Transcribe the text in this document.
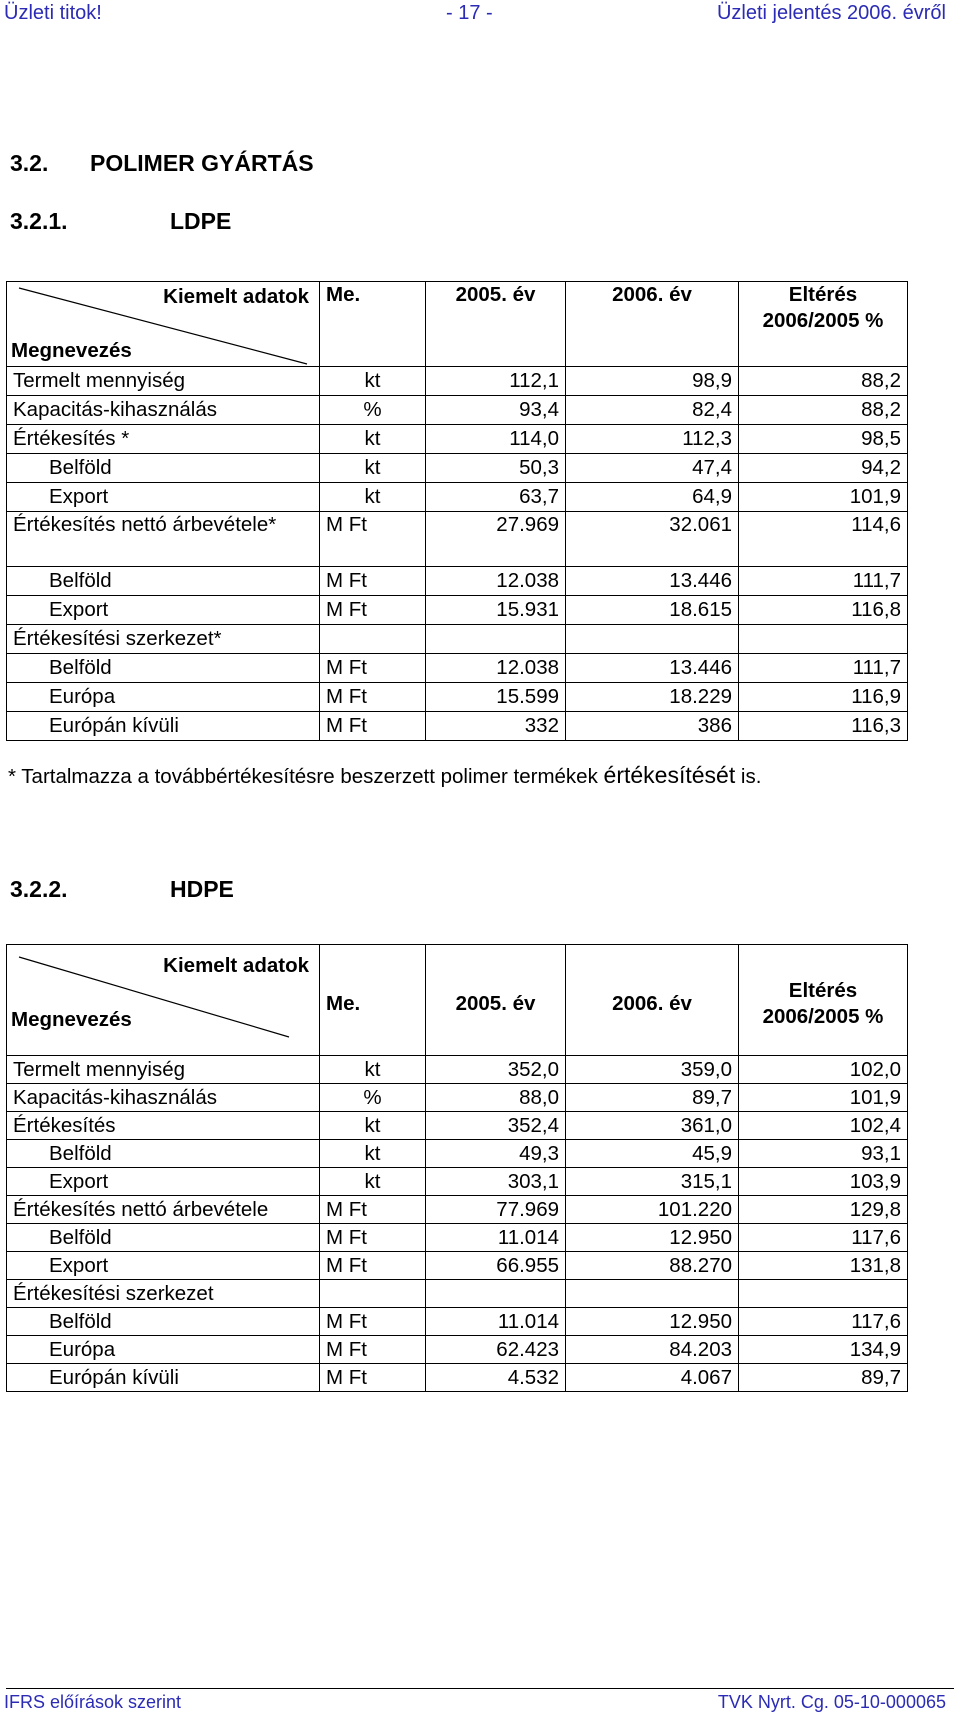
Üzleti titok!	- 17 -	Üzleti jelentés 2006. évről
3.2. POLIMER GYÁRTÁS
3.2.1.	LDPE
Kiemelt adatok
Megnevezés	Me.	2005. év	2006. év	Eltérés 2006/2005 %
Termelt mennyiség	kt	112,1	98,9	88,2
Kapacitás-kihasználás	%	93,4	82,4	88,2
Értékesítés *	kt	114,0	112,3	98,5
Belföld	kt	50,3	47,4	94,2
Export	kt	63,7	64,9	101,9
Értékesítés nettó árbevétele*	M Ft	27.969	32.061	114,6
Belföld	M Ft	12.038	13.446	111,7
Export	M Ft	15.931	18.615	116,8
Értékesítési szerkezet*				
Belföld	M Ft	12.038	13.446	111,7
Európa	M Ft	15.599	18.229	116,9
Európán kívüli	M Ft	332	386	116,3
* Tartalmazza a továbbértékesítésre beszerzett polimer termékek értékesítését is.
3.2.2.	HDPE
Kiemelt adatok
Megnevezés	Me.	2005. év	2006. év	Eltérés 2006/2005 %
Termelt mennyiség	kt	352,0	359,0	102,0
Kapacitás-kihasználás	%	88,0	89,7	101,9
Értékesítés	kt	352,4	361,0	102,4
Belföld	kt	49,3	45,9	93,1
Export	kt	303,1	315,1	103,9
Értékesítés nettó árbevétele	M Ft	77.969	101.220	129,8
Belföld	M Ft	11.014	12.950	117,6
Export	M Ft	66.955	88.270	131,8
Értékesítési szerkezet				
Belföld	M Ft	11.014	12.950	117,6
Európa	M Ft	62.423	84.203	134,9
Európán kívüli	M Ft	4.532	4.067	89,7
IFRS előírások szerint	TVK Nyrt. Cg. 05-10-000065
